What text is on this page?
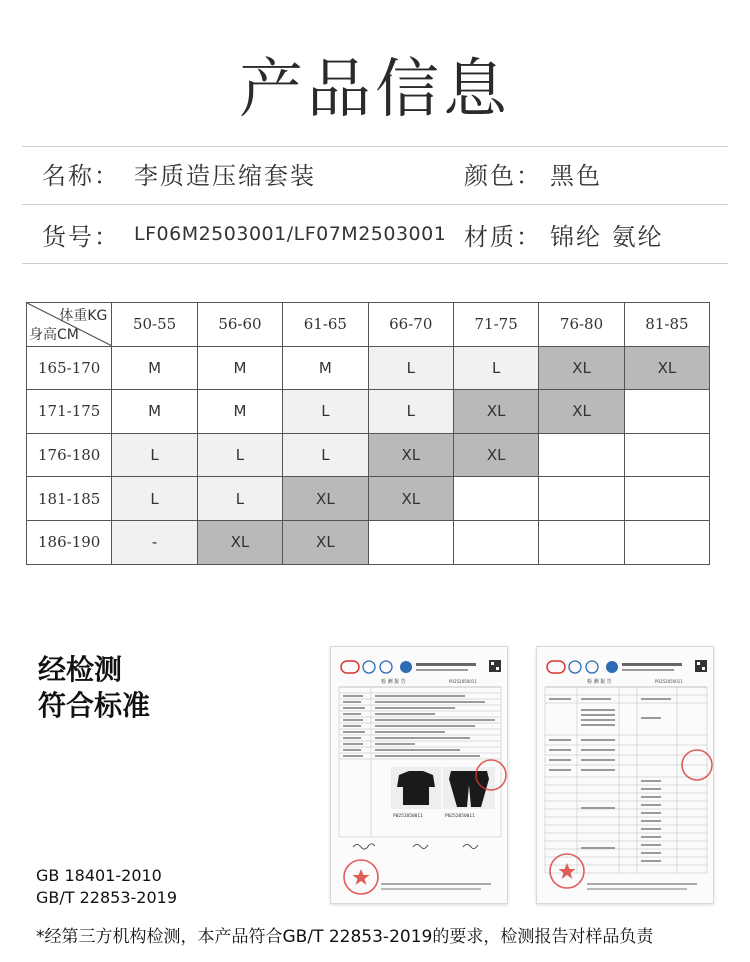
产品信息
名称： 李质造压缩套装	颜色： 黑色
货号： LF06M2503001/LF07M2503001 材质： 锦纶 氨纶
体重KG
身高CM	50-55	56-60	61-65	66-70	71-75	76-80	81-85
165-170	M	M	M	L	L	XL	XL
171-175	M	M	L	L	XL	XL	
176-180	L	L	L	XL	XL		
181-185	L	L	XL	XL			
186-190	-	XL	XL				
经检测
符合标准
GB 18401-2010
GB/T 22853-2019
检 测 报 告	P0252050011
P0252050011	P0252050011
检 测 报 告	P0252050011
*经第三方机构检测，本产品符合GB/T 22853-2019的要求，检测报告对样品负责
